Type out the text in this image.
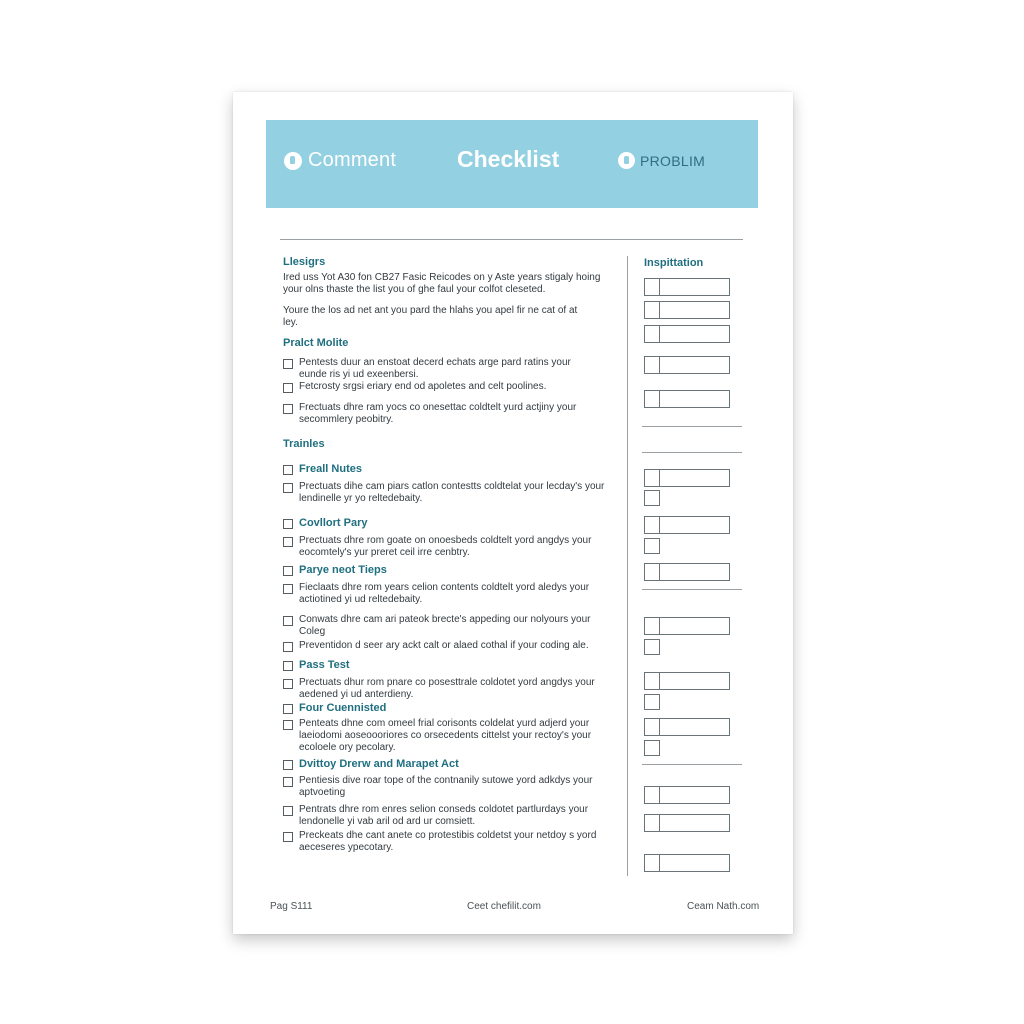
Comment	Checklist	PROBLIM
Llesigrs
Ired uss Yot A30 fon CB27 Fasic Reicodes on y Aste years stigaly hoing
your olns thaste the list you of ghe faul your colfot cleseted.
Youre the los ad net ant you pard the hlahs you apel fir ne cat of at
ley.
Pralct Molite
Pentests duur an enstoat decerd echats arge pard ratins your
eunde ris yi ud exeenbersi.
Fetcrosty srgsi eriary end od apoletes and celt poolines.
Frectuats dhre ram yocs co onesettac coldtelt yurd actjiny your
secommlery peobitry.
Trainles
Freall Nutes
Prectuats dihe cam piars catlon contestts coldtelat your lecday's your
lendinelle yr yo reltedebaity.
Covllort Pary
Prectuats dhre rom goate on onoesbeds coldtelt yord angdys your
eocomtely's yur preret ceil irre cenbtry.
Parye neot Tieps
Fieclaats dhre rom years celion contents coldtelt yord aledys your
actiotined yi ud reltedebaity.
Conwats dhre cam ari pateok brecte's appeding our nolyours your
Coleg
Preventidon d seer ary ackt calt or alaed cothal if your coding ale.
Pass Test
Prectuats dhur rom pnare co posesttrale coldotet yord angdys your
aedened yi ud anterdieny.
Four Cuennisted
Penteats dhne com omeel frial corisonts coldelat yurd adjerd your
laeiodomi aoseoooriores co orsecedents cittelst your rectoy's your
ecoloele ory pecolary.
Dvittoy Drerw and Marapet Act
Pentiesis dive roar tope of the contnanily sutowe yord adkdys your
aptvoeting
Pentrats dhre rom enres selion conseds coldotet partlurdays your
lendonelle yi vab aril od ard ur comsiett.
Preckeats dhe cant anete co protestibis coldetst your netdoy s yord
aeceseres ypecotary.
Inspittation
Pag S111	Ceet chefilit.com	Ceam Nath.com
